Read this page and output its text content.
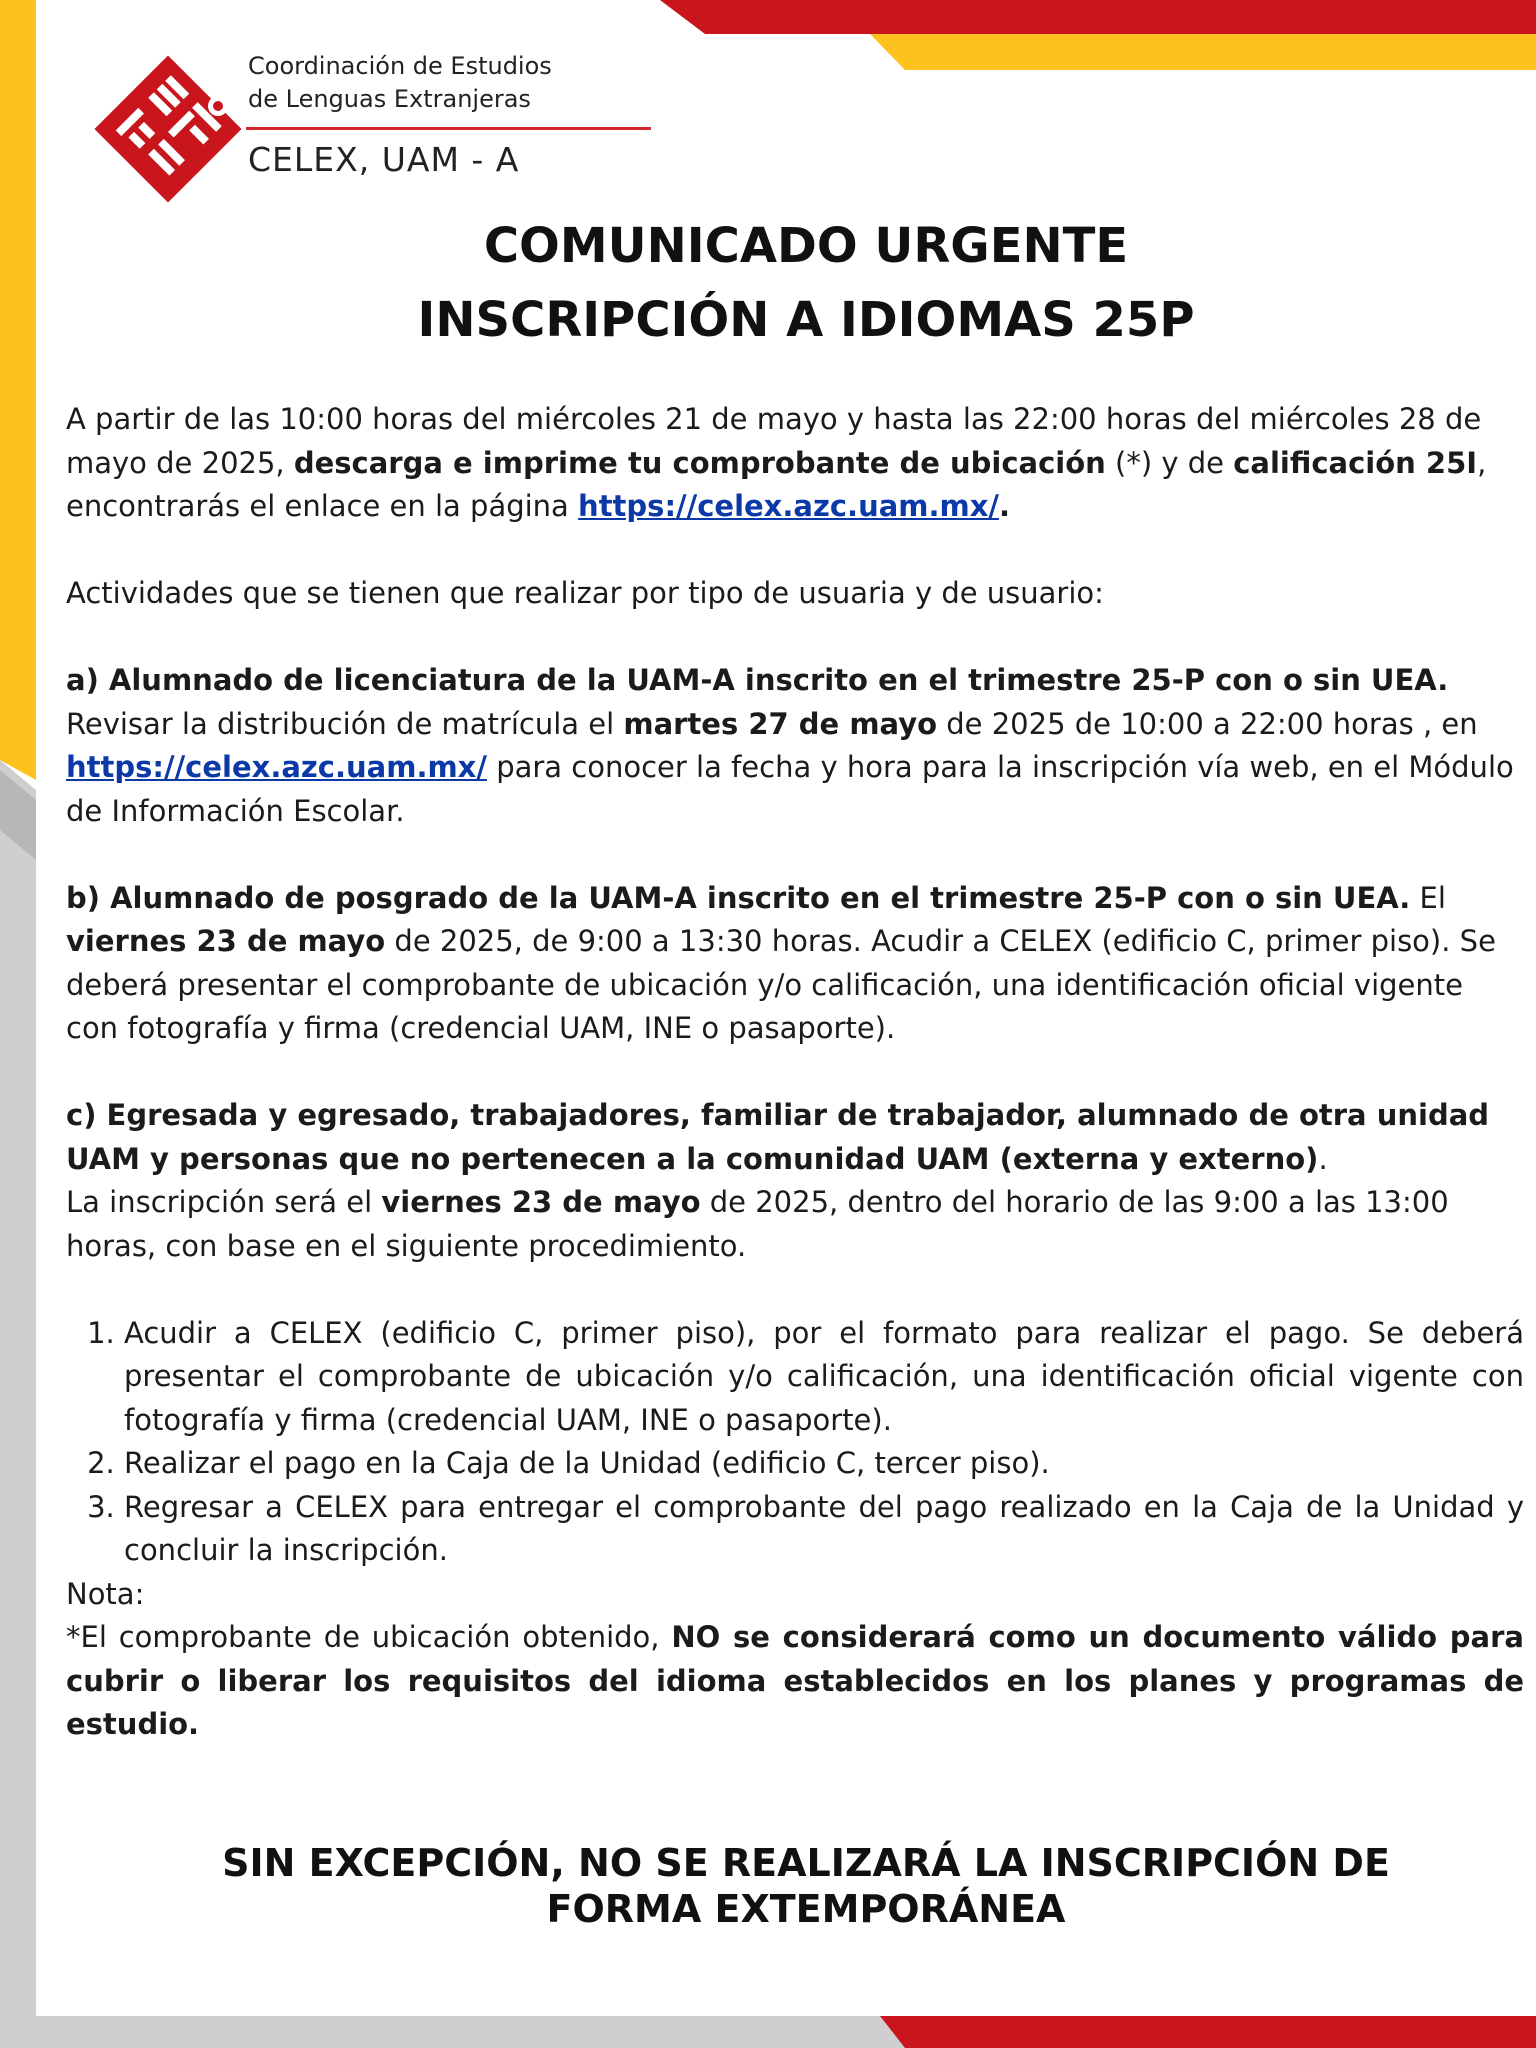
Coordinación de Estudios
de Lenguas Extranjeras
CELEX, UAM - A
COMUNICADO URGENTE
INSCRIPCIÓN A IDIOMAS 25P

A partir de las 10:00 horas del miércoles 21 de mayo y hasta las 22:00 horas del miércoles 28 de mayo de 2025, descarga e imprime tu comprobante de ubicación (*) y de calificación 25I, encontrarás el enlace en la página https://celex.azc.uam.mx/.

Actividades que se tienen que realizar por tipo de usuaria y de usuario:

a) Alumnado de licenciatura de la UAM-A inscrito en el trimestre 25-P con o sin UEA.
Revisar la distribución de matrícula el martes 27 de mayo de 2025 de 10:00 a 22:00 horas , en https://celex.azc.uam.mx/ para conocer la fecha y hora para la inscripción vía web, en el Módulo de Información Escolar.

b) Alumnado de posgrado de la UAM-A inscrito en el trimestre 25-P con o sin UEA. El viernes 23 de mayo de 2025, de 9:00 a 13:30 horas. Acudir a CELEX (edificio C, primer piso). Se deberá presentar el comprobante de ubicación y/o calificación, una identificación oficial vigente con fotografía y firma (credencial UAM, INE o pasaporte).

c) Egresada y egresado, trabajadores, familiar de trabajador, alumnado de otra unidad UAM y personas que no pertenecen a la comunidad UAM (externa y externo).
La inscripción será el viernes 23 de mayo de 2025, dentro del horario de las 9:00 a las 13:00 horas, con base en el siguiente procedimiento.

1. Acudir a CELEX (edificio C, primer piso), por el formato para realizar el pago. Se deberá presentar el comprobante de ubicación y/o calificación, una identificación oficial vigente con fotografía y firma (credencial UAM, INE o pasaporte).
2. Realizar el pago en la Caja de la Unidad (edificio C, tercer piso).
3. Regresar a CELEX para entregar el comprobante del pago realizado en la Caja de la Unidad y concluir la inscripción.

Nota:

*El comprobante de ubicación obtenido, NO se considerará como un documento válido para cubrir o liberar los requisitos del idioma establecidos en los planes y programas de estudio.

SIN EXCEPCIÓN, NO SE REALIZARÁ LA INSCRIPCIÓN DE
FORMA EXTEMPORÁNEA
